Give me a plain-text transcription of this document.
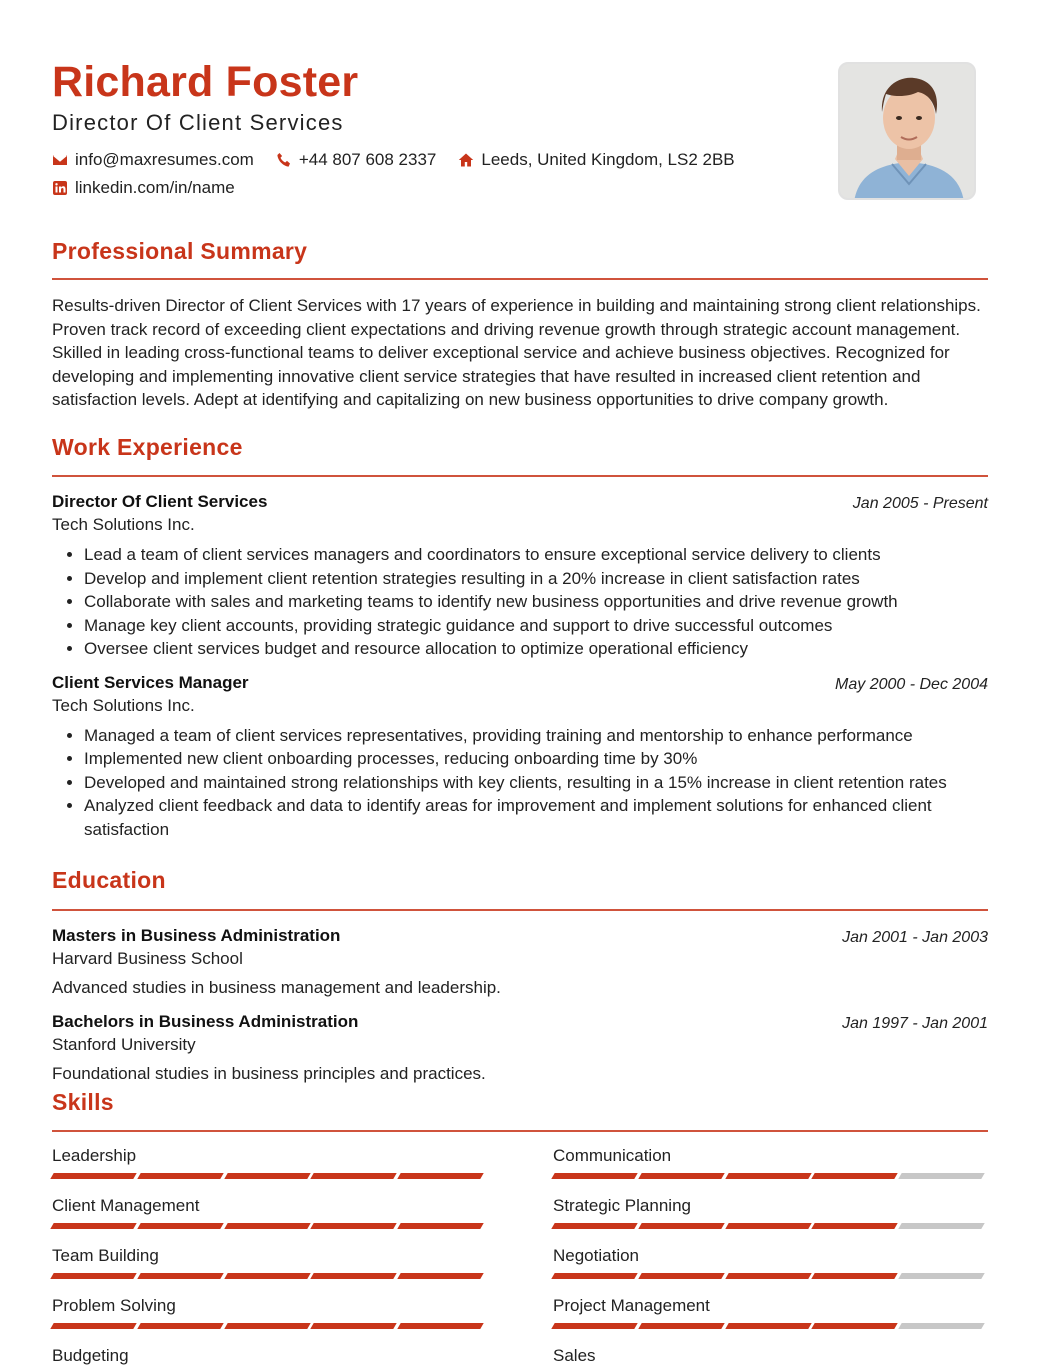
Richard Foster
Director Of Client Services
info@maxresumes.com	+44 807 608 2337	Leeds, United Kingdom, LS2 2BB
linkedin.com/in/name
Professional Summary
Results-driven Director of Client Services with 17 years of experience in building and maintaining strong client relationships. Proven track record of exceeding client expectations and driving revenue growth through strategic account management. Skilled in leading cross-functional teams to deliver exceptional service and achieve business objectives. Recognized for developing and implementing innovative client service strategies that have resulted in increased client retention and satisfaction levels. Adept at identifying and capitalizing on new business opportunities to drive company growth.
Work Experience
Director Of Client Services	Jan 2005 - Present
Tech Solutions Inc.
• Lead a team of client services managers and coordinators to ensure exceptional service delivery to clients
• Develop and implement client retention strategies resulting in a 20% increase in client satisfaction rates
• Collaborate with sales and marketing teams to identify new business opportunities and drive revenue growth
• Manage key client accounts, providing strategic guidance and support to drive successful outcomes
• Oversee client services budget and resource allocation to optimize operational efficiency
Client Services Manager	May 2000 - Dec 2004
Tech Solutions Inc.
• Managed a team of client services representatives, providing training and mentorship to enhance performance
• Implemented new client onboarding processes, reducing onboarding time by 30%
• Developed and maintained strong relationships with key clients, resulting in a 15% increase in client retention rates
• Analyzed client feedback and data to identify areas for improvement and implement solutions for enhanced client satisfaction
Education
Masters in Business Administration	Jan 2001 - Jan 2003
Harvard Business School
Advanced studies in business management and leadership.
Bachelors in Business Administration	Jan 1997 - Jan 2001
Stanford University
Foundational studies in business principles and practices.
Skills
Leadership	Communication
Client Management	Strategic Planning
Team Building	Negotiation
Problem Solving	Project Management
Budgeting	Sales
